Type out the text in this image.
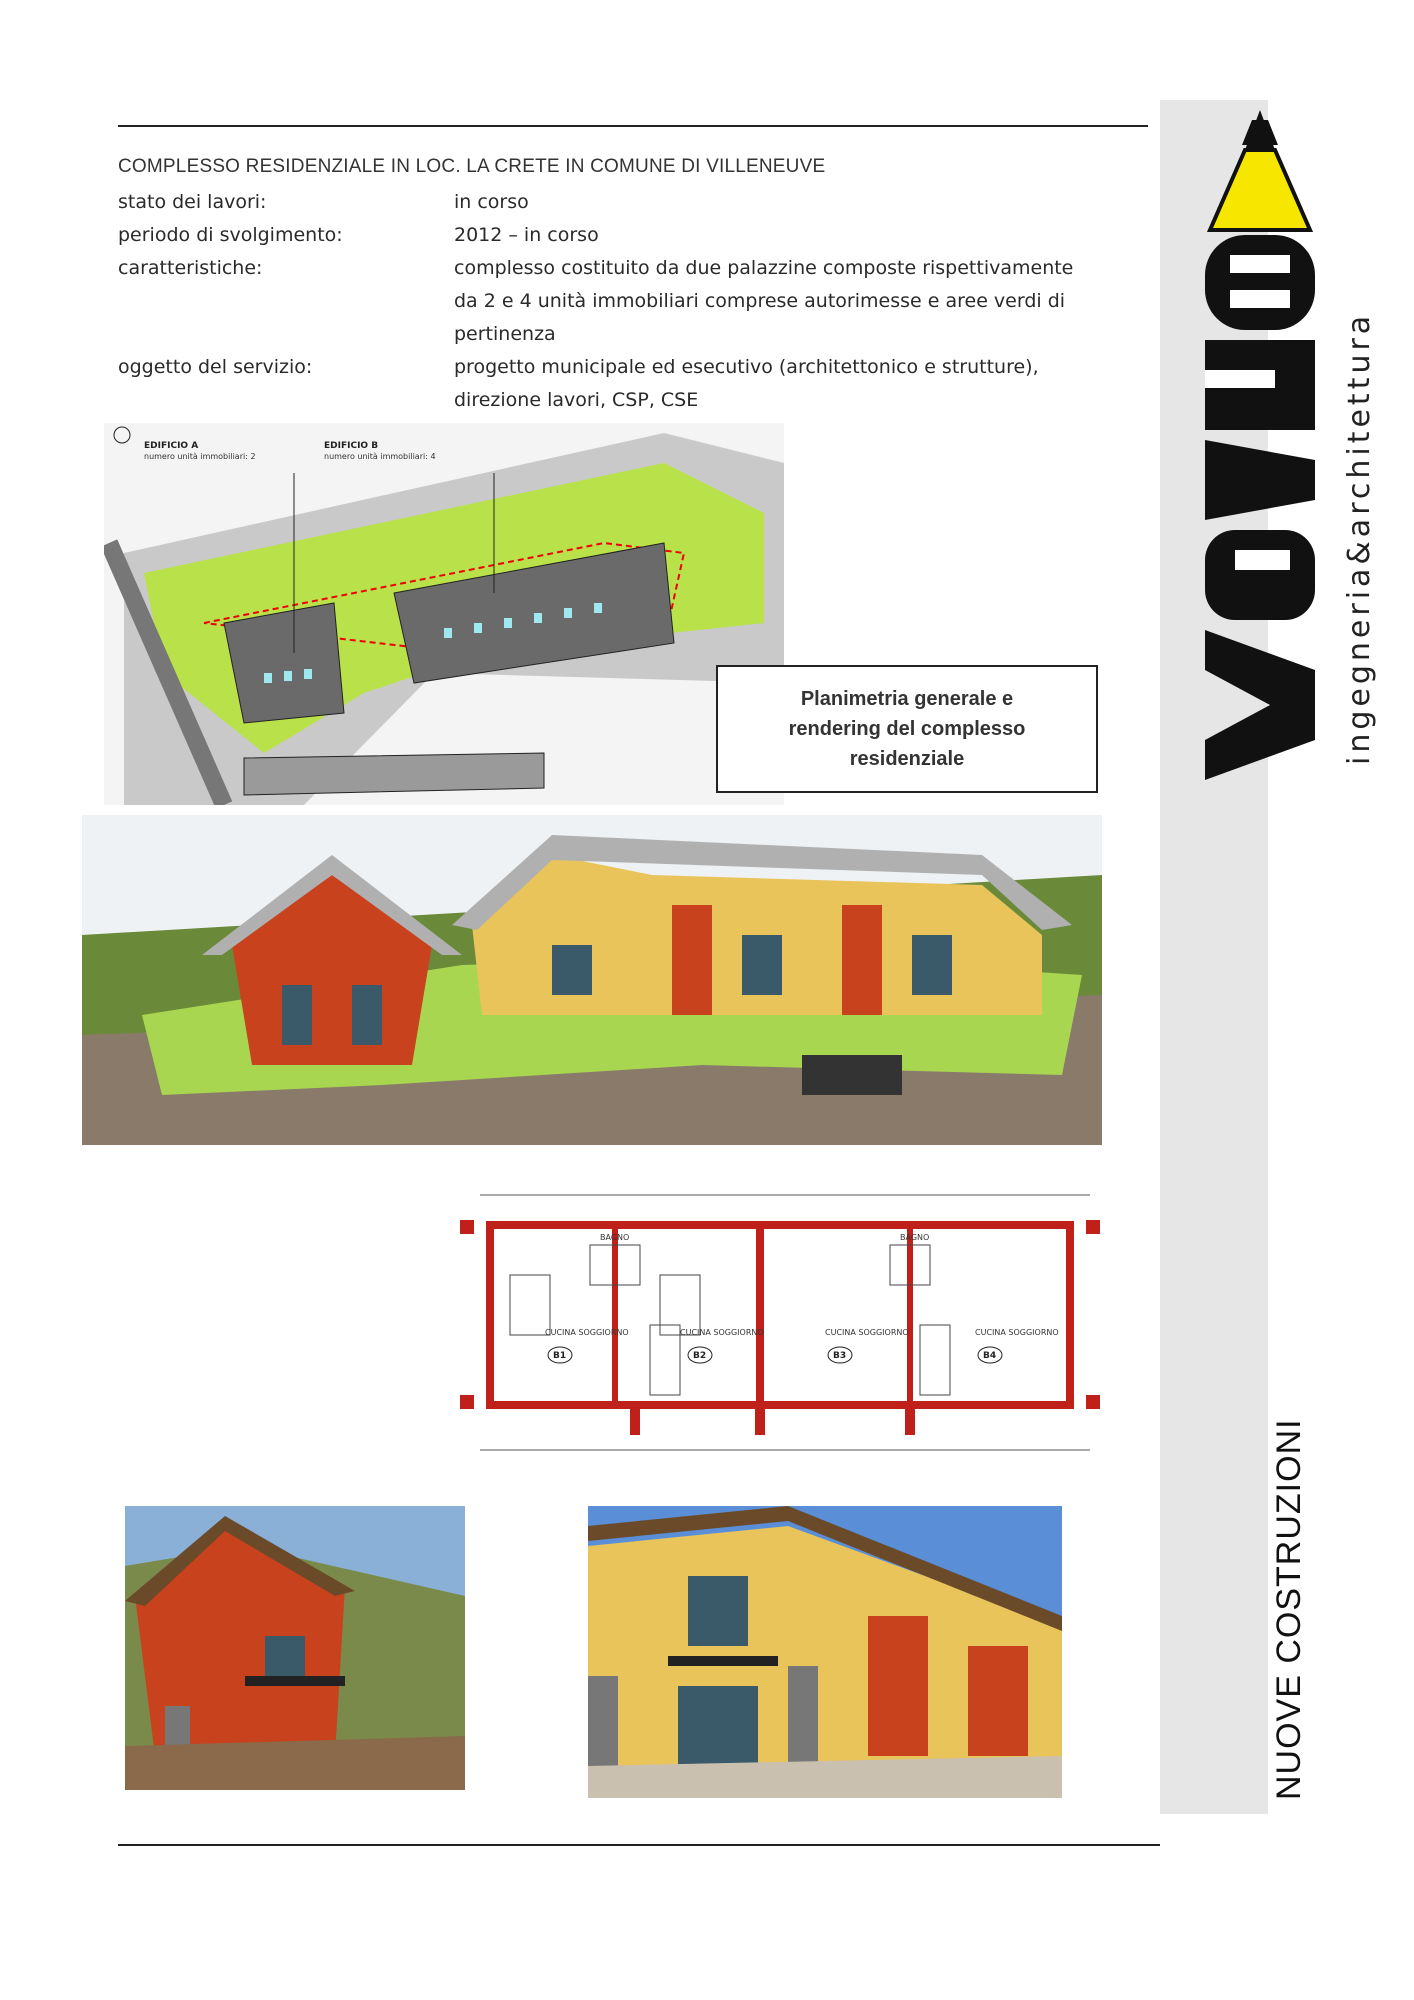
COMPLESSO RESIDENZIALE IN LOC. LA CRETE IN COMUNE DI VILLENEUVE
stato dei lavori:	in corso
periodo di svolgimento:	2012 – in corso
caratteristiche:	complesso costituito da due palazzine composte rispettivamente
da 2 e 4 unità immobiliari comprese autorimesse e aree verdi di
pertinenza
oggetto del servizio:	progetto municipale ed esecutivo (architettonico e strutture),
direzione lavori, CSP, CSE	ingegneria&architettura
NUOVE COSTRUZIONI
EDIFICIO A
numero unità immobiliari: 2
EDIFICIO B
numero unità immobiliari: 4
Planimetria generale e
rendering del complesso
residenziale
CUCINA SOGGIORNO	CUCINA SOGGIORNO	CUCINA SOGGIORNO	CUCINA SOGGIORNO
BAGNO	BAGNO
B1	B2	B3	B4
